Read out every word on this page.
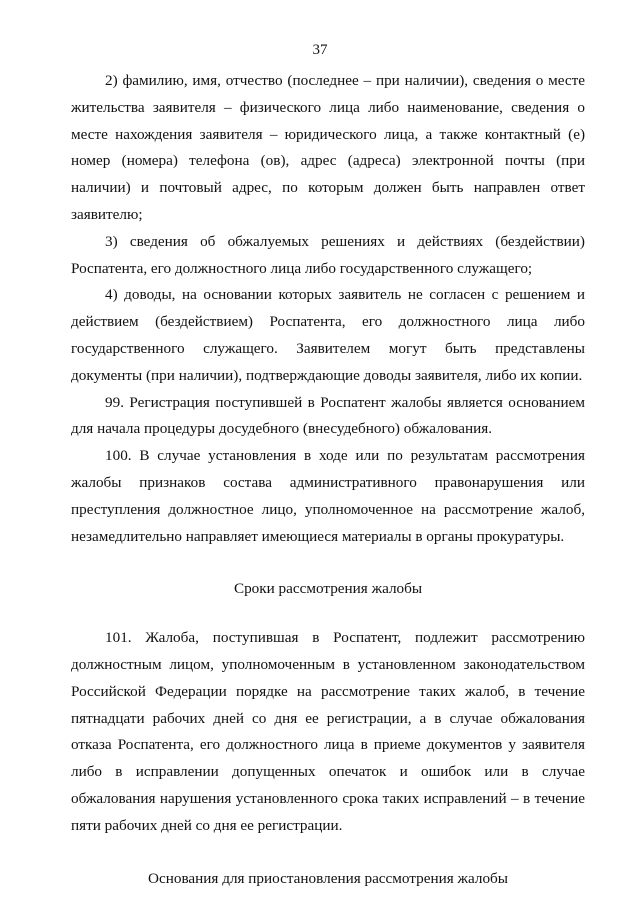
37

2) фамилию, имя, отчество (последнее – при наличии), сведения о месте жительства заявителя – физического лица либо наименование, сведения о месте нахождения заявителя – юридического лица, а также контактный (е) номер (номера) телефона (ов), адрес (адреса) электронной почты (при наличии) и почтовый адрес, по которым должен быть направлен ответ заявителю;

3) сведения об обжалуемых решениях и действиях (бездействии) Роспатента, его должностного лица либо государственного служащего;

4) доводы, на основании которых заявитель не согласен с решением и действием (бездействием) Роспатента, его должностного лица либо государственного служащего. Заявителем могут быть представлены документы (при наличии), подтверждающие доводы заявителя, либо их копии.

99. Регистрация поступившей в Роспатент жалобы является основанием для начала процедуры досудебного (внесудебного) обжалования.

100. В случае установления в ходе или по результатам рассмотрения жалобы признаков состава административного правонарушения или преступления должностное лицо, уполномоченное на рассмотрение жалоб, незамедлительно направляет имеющиеся материалы в органы прокуратуры.

Сроки рассмотрения жалобы

101. Жалоба, поступившая в Роспатент, подлежит рассмотрению должностным лицом, уполномоченным в установленном законодательством Российской Федерации порядке на рассмотрение таких жалоб, в течение пятнадцати рабочих дней со дня ее регистрации, а в случае обжалования отказа Роспатента, его должностного лица в приеме документов у заявителя либо в исправлении допущенных опечаток и ошибок или в случае обжалования нарушения установленного срока таких исправлений – в течение пяти рабочих дней со дня ее регистрации.

Основания для приостановления рассмотрения жалобы
